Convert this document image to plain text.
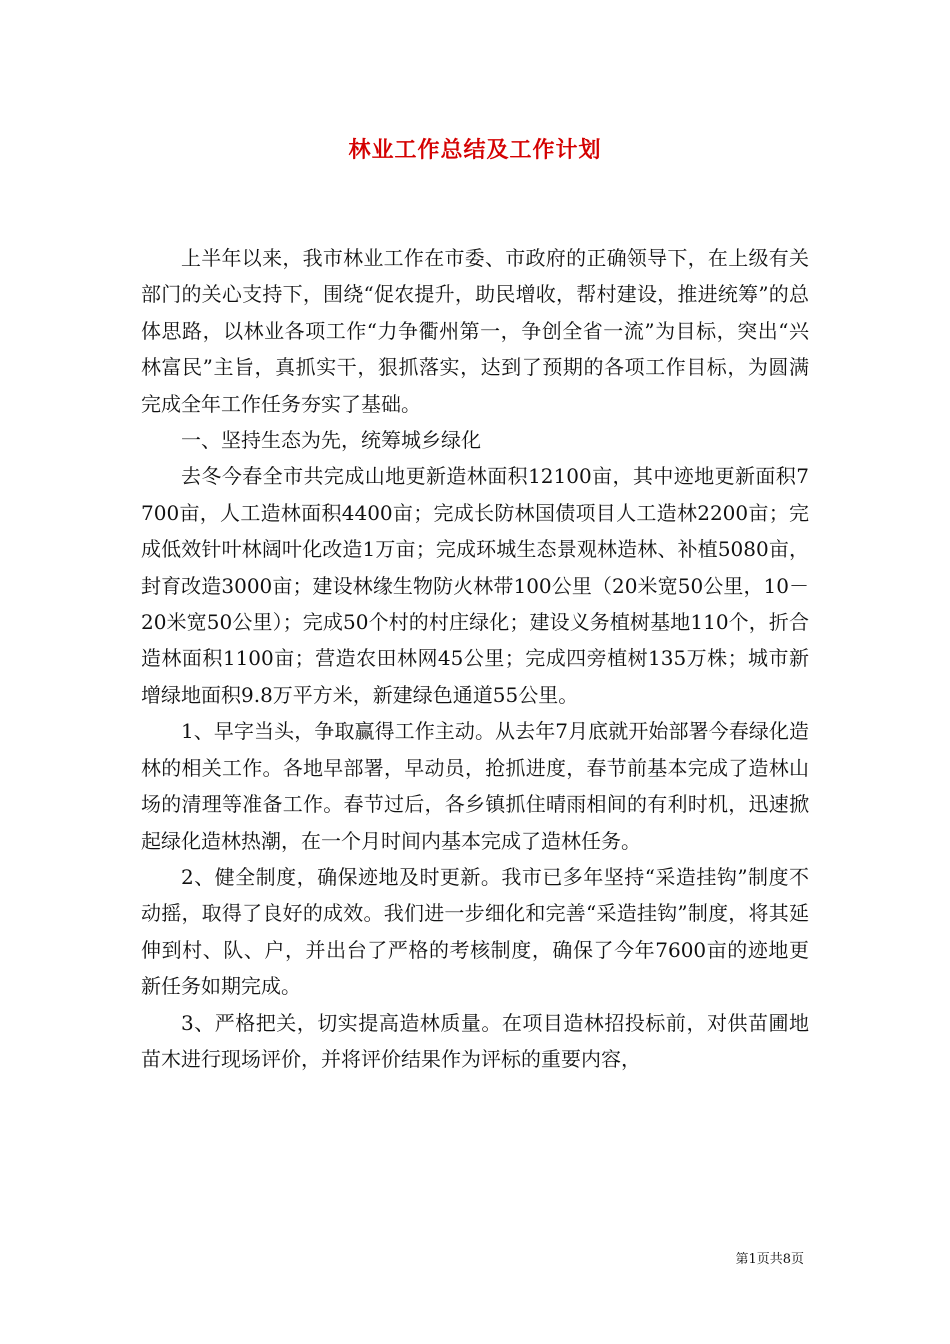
林业工作总结及工作计划

上半年以来，我市林业工作在市委、市政府的正确领导下，在上级有关部门的关心支持下，围绕“促农提升，助民增收，帮村建设，推进统筹”的总体思路，以林业各项工作“力争衢州第一，争创全省一流”为目标，突出“兴林富民”主旨，真抓实干，狠抓落实，达到了预期的各项工作目标，为圆满完成全年工作任务夯实了基础。

一、坚持生态为先，统筹城乡绿化

去冬今春全市共完成山地更新造林面积12100亩，其中迹地更新面积7700亩，人工造林面积4400亩；完成长防林国债项目人工造林2200亩；完成低效针叶林阔叶化改造1万亩；完成环城生态景观林造林、补植5080亩，封育改造3000亩；建设林缘生物防火林带100公里（20米宽50公里，10－20米宽50公里）；完成50个村的村庄绿化；建设义务植树基地110个，折合造林面积1100亩；营造农田林网45公里；完成四旁植树135万株；城市新增绿地面积9.8万平方米，新建绿色通道55公里。

1、早字当头，争取赢得工作主动。从去年7月底就开始部署今春绿化造林的相关工作。各地早部署，早动员，抢抓进度，春节前基本完成了造林山场的清理等准备工作。春节过后，各乡镇抓住晴雨相间的有利时机，迅速掀起绿化造林热潮，在一个月时间内基本完成了造林任务。

2、健全制度，确保迹地及时更新。我市已多年坚持“采造挂钩”制度不动摇，取得了良好的成效。我们进一步细化和完善“采造挂钩”制度，将其延伸到村、队、户，并出台了严格的考核制度，确保了今年7600亩的迹地更新任务如期完成。

3、严格把关，切实提高造林质量。在项目造林招投标前，对供苗圃地苗木进行现场评价，并将评价结果作为评标的重要内容，

第1页共8页
